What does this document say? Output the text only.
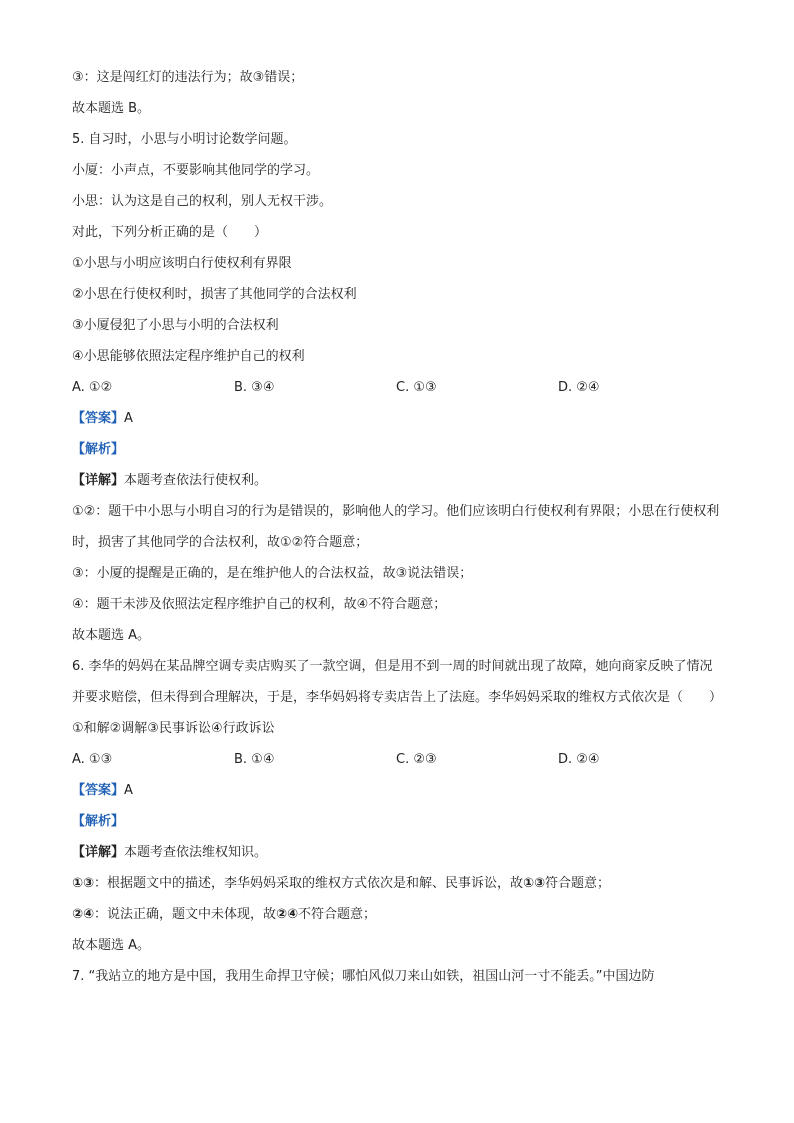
③：这是闯红灯的违法行为；故③错误；
故本题选 B。
5. 自习时，小思与小明讨论数学问题。
小厦：小声点，不要影响其他同学的学习。
小思：认为这是自己的权利，别人无权干涉。
对此，下列分析正确的是（　　）
①小思与小明应该明白行使权利有界限
②小思在行使权利时，损害了其他同学的合法权利
③小厦侵犯了小思与小明的合法权利
④小思能够依照法定程序维护自己的权利
A. ①②	B. ③④	C. ①③	D. ②④
【答案】A
【解析】
【详解】本题考查依法行使权利。
①②：题干中小思与小明自习的行为是错误的，影响他人的学习。他们应该明白行使权利有界限；小思在行使权利时，损害了其他同学的合法权利，故①②符合题意；
③：小厦的提醒是正确的，是在维护他人的合法权益，故③说法错误；
④：题干未涉及依照法定程序维护自己的权利，故④不符合题意；
故本题选 A。
6. 李华的妈妈在某品牌空调专卖店购买了一款空调，但是用不到一周的时间就出现了故障，她向商家反映了情况并要求赔偿，但未得到合理解决，于是，李华妈妈将专卖店告上了法庭。李华妈妈采取的维权方式依次是（　　）
①和解②调解③民事诉讼④行政诉讼
A. ①③	B. ①④	C. ②③	D. ②④
【答案】A
【解析】
【详解】本题考查依法维权知识。
①③：根据题文中的描述，李华妈妈采取的维权方式依次是和解、民事诉讼，故①③符合题意；
②④：说法正确，题文中未体现，故②④不符合题意；
故本题选 A。
7. “我站立的地方是中国，我用生命捍卫守候；哪怕风似刀来山如铁，祖国山河一寸不能丢。”中国边防
